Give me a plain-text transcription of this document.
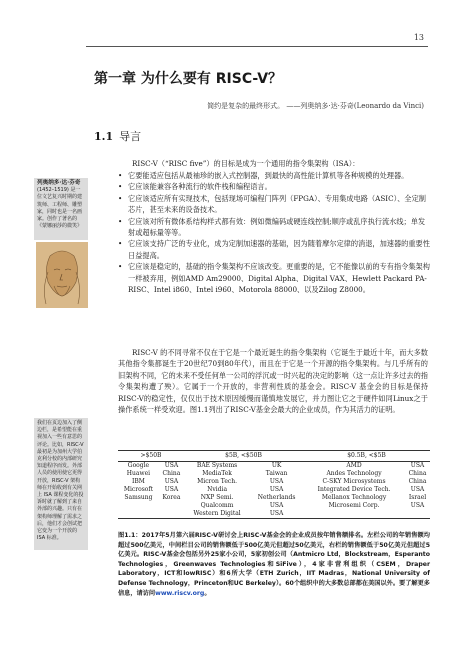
13
第一章 为什么要有 RISC-V？
简约是复杂的最终形式。 ——列奥纳多·达·芬奇(Leonardo da Vinci)
1.1 导言
列奥纳多·达·芬奇 (1452–1519) 是一位文艺复兴时期的建筑师、工程师、雕塑家，同时也是一名画家。创作了著名的《蒙娜丽莎的微笑》

RISC-V（“RISC five”）的目标是成为一个通用的指令集架构（ISA）：

• 它要能适应包括从最袖珍的嵌入式控制器，到最快的高性能计算机等各种规模的处理器。
• 它应该能兼容各种流行的软件栈和编程语言。
• 它应该适应所有实现技术，包括现场可编程门阵列（FPGA）、专用集成电路（ASIC）、全定制芯片，甚至未来的设备技术。
• 它应该对所有微体系结构样式都有效：例如微编码或硬连线控制;顺序或乱序执行流水线；单发射或超标量等等。
• 它应该支持广泛的专业化，成为定制加速器的基础，因为随着摩尔定律的消退，加速器的重要性日益提高。
• 它应该是稳定的，基础的指令集架构不应该改变。更重要的是，它不能像以前的专有指令集架构一样被弃用，例如AMD Am29000、Digital Alpha、Digital VAX、Hewlett Packard PA-RISC、Intel i860、Intel i960、Motorola 88000、以及Zilog Z8000。

RISC-V 的不同寻常不仅在于它是一个最近诞生的指令集架构（它诞生于最近十年，而大多数其他指令集都诞生于20世纪70到80年代），而且在于它是一个开源的指令集架构。与几乎所有的旧架构不同，它的未来不受任何单一公司的浮沉或一时兴起的决定的影响（这一点让许多过去的指令集架构遭了殃）。它属于一个开放的，非营利性质的基金会。RISC-V 基金会的目标是保持RISC-V的稳定性，仅仅出于技术原因缓慢而谨慎地发展它，并力图让它之于硬件如同Linux之于操作系统一样受欢迎。图1.1列出了RISC-V基金会最大的企业成员，作为其活力的证明。

我们在页边加入了侧边栏，是希望能在重视加入一些有意思的评论。比如，RISC-V 最初是为加州大学伯克利分校的内部研究知道程序而发。外部人员的使用使它更得开放，RISC-V 架构师在开始收到有关网上 ISA 课程变化的投诉时就了解到了来自外部的兴趣。只有在架构师理解了需求之后，他们才会创试把它变为一个开放的 ISA 标准。
>$50B		$5B, <$50B		$0.5B, <$5B	
Google	USA	BAE Systems	UK	AMD	USA
Huawei	China	MediaTek	Taiwan	Andes Technology	China
IBM	USA	Micron Tech.	USA	C-SKY Microsystems	China
Microsoft	USA	Nvidia	USA	Integrated Device Tech.	USA
Samsung	Korea	NXP Semi.	Netherlands	Mellanox Technology	Israel
		Qualcomm	USA	Microsemi Corp.	USA
		Western Digital	USA		
图1.1：2017年5月第六届RISC-V研讨会上RISC-V基金会的企业成员按年销售额排名。左栏公司的年销售额均超过500亿美元，中间栏目公司的销售额低于500亿美元但超过50亿美元，右栏的销售额低于50亿美元但超过5亿美元。RISC-V基金会包括另外25家小公司，5家初创公司（Antmicro Ltd，Blockstream，Esperanto Technologies，Greenwaves Technologies和SiFive），4家非营利组织（CSEM，Draper Laboratory，ICT和lowRISC）和6所大学（ETH Zurich，IIT Madras，National University of Defense Technology，Princeton和UC Berkeley）。60个组织中的大多数总部都在美国以外。要了解更多信息，请访问www.riscv.org。
